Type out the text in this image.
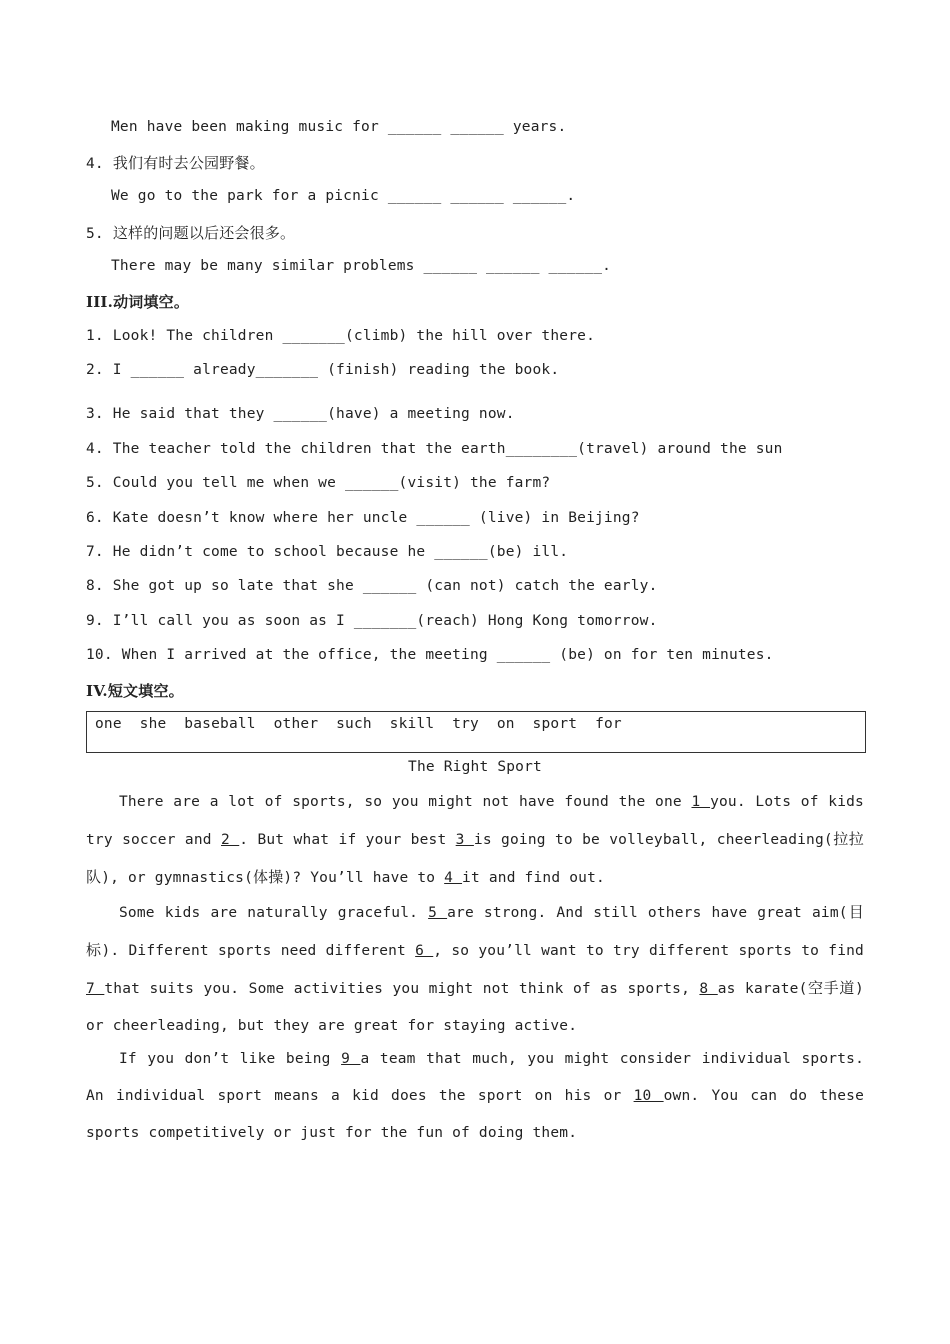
Men have been making music for ______ ______ years.
4. 我们有时去公园野餐。
We go to the park for a picnic ______ ______ ______.
5. 这样的问题以后还会很多。
There may be many similar problems ______ ______ ______.
III.动词填空。
1. Look! The children _______(climb) the hill over there.
2. I ______ already_______ (finish) reading the book.
3. He said that they ______(have) a meeting now.
4. The teacher told the children that the earth________(travel) around the sun
5. Could you tell me when we ______(visit) the farm?
6. Kate doesn’t know where her uncle ______ (live) in Beijing?
7. He didn’t come to school because he ______(be) ill.
8. She got up so late that she ______ (can not) catch the early.
9. I’ll call you as soon as I _______(reach) Hong Kong tomorrow.
10. When I arrived at the office, the meeting ______ (be) on for ten minutes.
IV.短文填空。
one  she  baseball  other  such  skill  try  on  sport  for
The Right Sport

There are a lot of sports, so you might not have found the one 1 you. Lots of kids try soccer and 2 . But what if your best 3 is going to be volleyball, cheerleading(拉拉队), or gymnastics(体操)? You’ll have to 4 it and find out.

Some kids are naturally graceful. 5 are strong. And still others have great aim(目标). Different sports need different 6 , so you’ll want to try different sports to find 7 that suits you. Some activities you might not think of as sports, 8 as karate(空手道) or cheerleading, but they are great for staying active.

If you don’t like being 9 a team that much, you might consider individual sports. An individual sport means a kid does the sport on his or 10 own. You can do these sports competitively or just for the fun of doing them.
